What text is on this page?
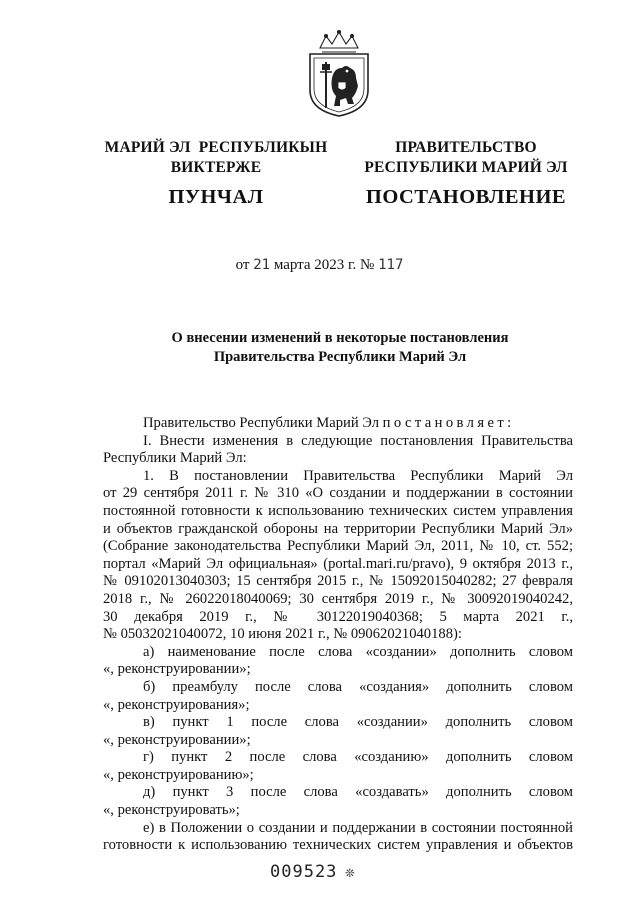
МАРИЙ ЭЛ  РЕСПУБЛИКЫН
ВИКТЕРЖЕ
ПУНЧАЛ
ПРАВИТЕЛЬСТВО
РЕСПУБЛИКИ МАРИЙ ЭЛ
ПОСТАНОВЛЕНИЕ
от 21 марта 2023 г. № 117
О внесении изменений в некоторые постановления
Правительства Республики Марий Эл

Правительство Республики Марий Эл постановляет:

I. Внести изменения в следующие постановления Правительства

Республики Марий Эл:

1. В постановлении Правительства Республики Марий Эл

от 29 сентября 2011 г. № 310 «О создании и поддержании в состоянии

постоянной готовности к использованию технических систем управления

и объектов гражданской обороны на территории Республики Марий Эл»

(Собрание законодательства Республики Марий Эл, 2011, № 10, ст. 552;

портал «Марий Эл официальная» (portal.mari.ru/pravo), 9 октября 2013 г.,

№ 09102013040303; 15 сентября 2015 г., № 15092015040282; 27 февраля

2018 г., № 26022018040069; 30 сентября 2019 г., № 30092019040242,

30 декабря 2019 г., № 30122019040368; 5 марта 2021 г.,

№ 05032021040072, 10 июня 2021 г., № 09062021040188):

а) наименование после слова «создании» дополнить словом

«, реконструировании»;

б) преамбулу после слова «создания» дополнить словом

«, реконструирования»;

в) пункт 1 после слова «создании» дополнить словом

«, реконструировании»;

г) пункт 2 после слова «созданию» дополнить словом

«, реконструированию»;

д) пункт 3 после слова «создавать» дополнить словом

«, реконструировать»;

е) в Положении о создании и поддержании в состоянии постоянной

готовности к использованию технических систем управления и объектов

009523 ❊
